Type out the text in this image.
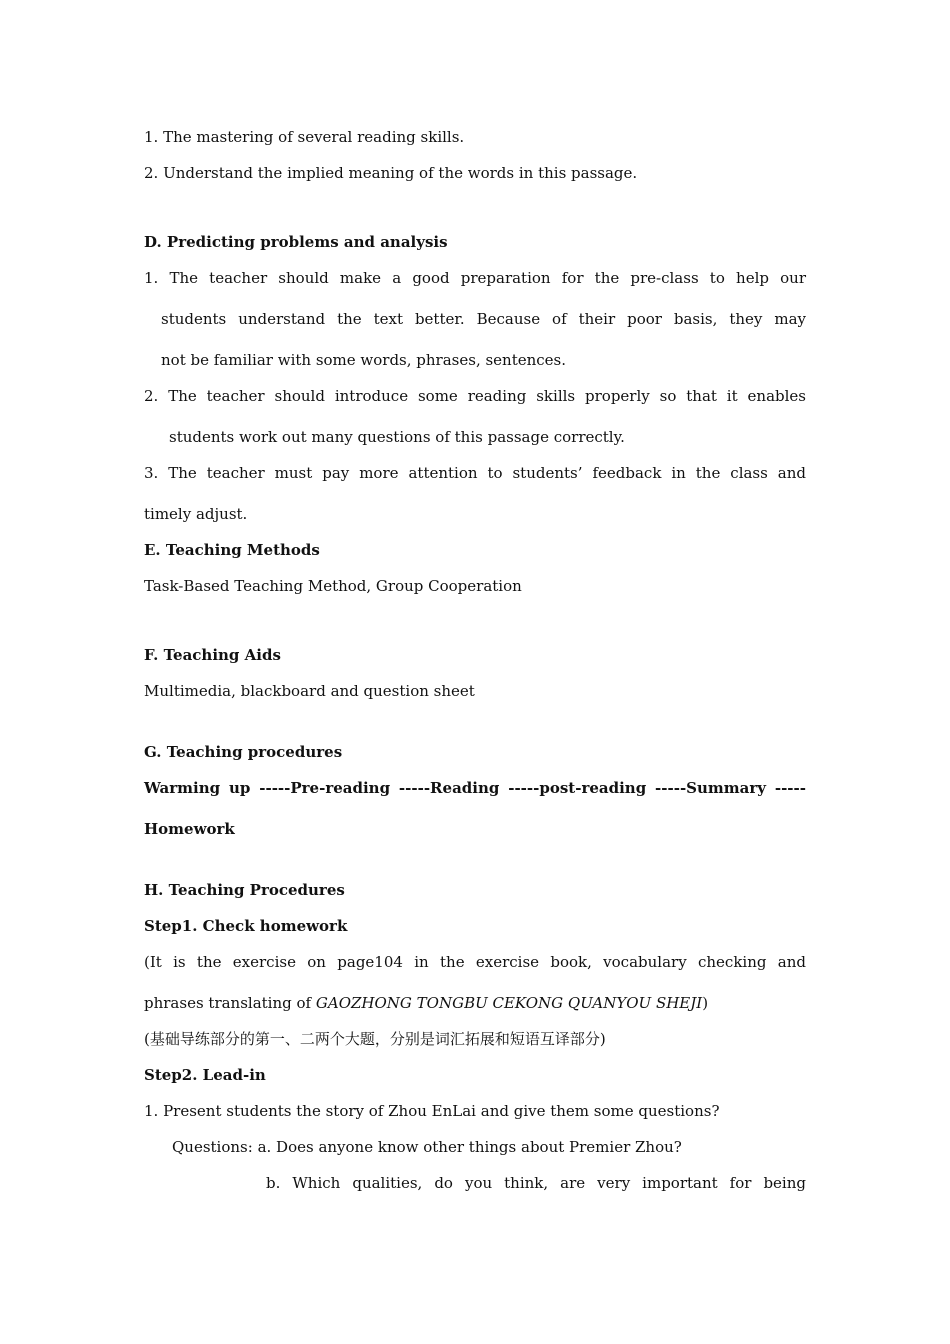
1. The mastering of several reading skills.
2. Understand the implied meaning of the words in this passage.
D. Predicting problems and analysis
1. The teacher should make a good preparation for the pre-class to help our
students understand the text better. Because of their poor basis, they may
not be familiar with some words, phrases, sentences.
2. The teacher should introduce some reading skills properly so that it enables
students work out many questions of this passage correctly.
3. The teacher must pay more attention to students’ feedback in the class and
timely adjust.
E. Teaching Methods
Task-Based Teaching Method, Group Cooperation
F. Teaching Aids
Multimedia, blackboard and question sheet
G. Teaching procedures
Warming up -----Pre-reading -----Reading -----post-reading -----Summary -----
Homework
H. Teaching Procedures
Step1. Check homework
(It is the exercise on page104 in the exercise book, vocabulary checking and
phrases translating of GAOZHONG TONGBU CEKONG QUANYOU SHEJI)
(基础导练部分的第一、二两个大题，分别是词汇拓展和短语互译部分)
Step2. Lead-in
1. Present students the story of Zhou EnLai and give them some questions?
Questions: a. Does anyone know other things about Premier Zhou?
b. Which qualities, do you think, are very important for being
